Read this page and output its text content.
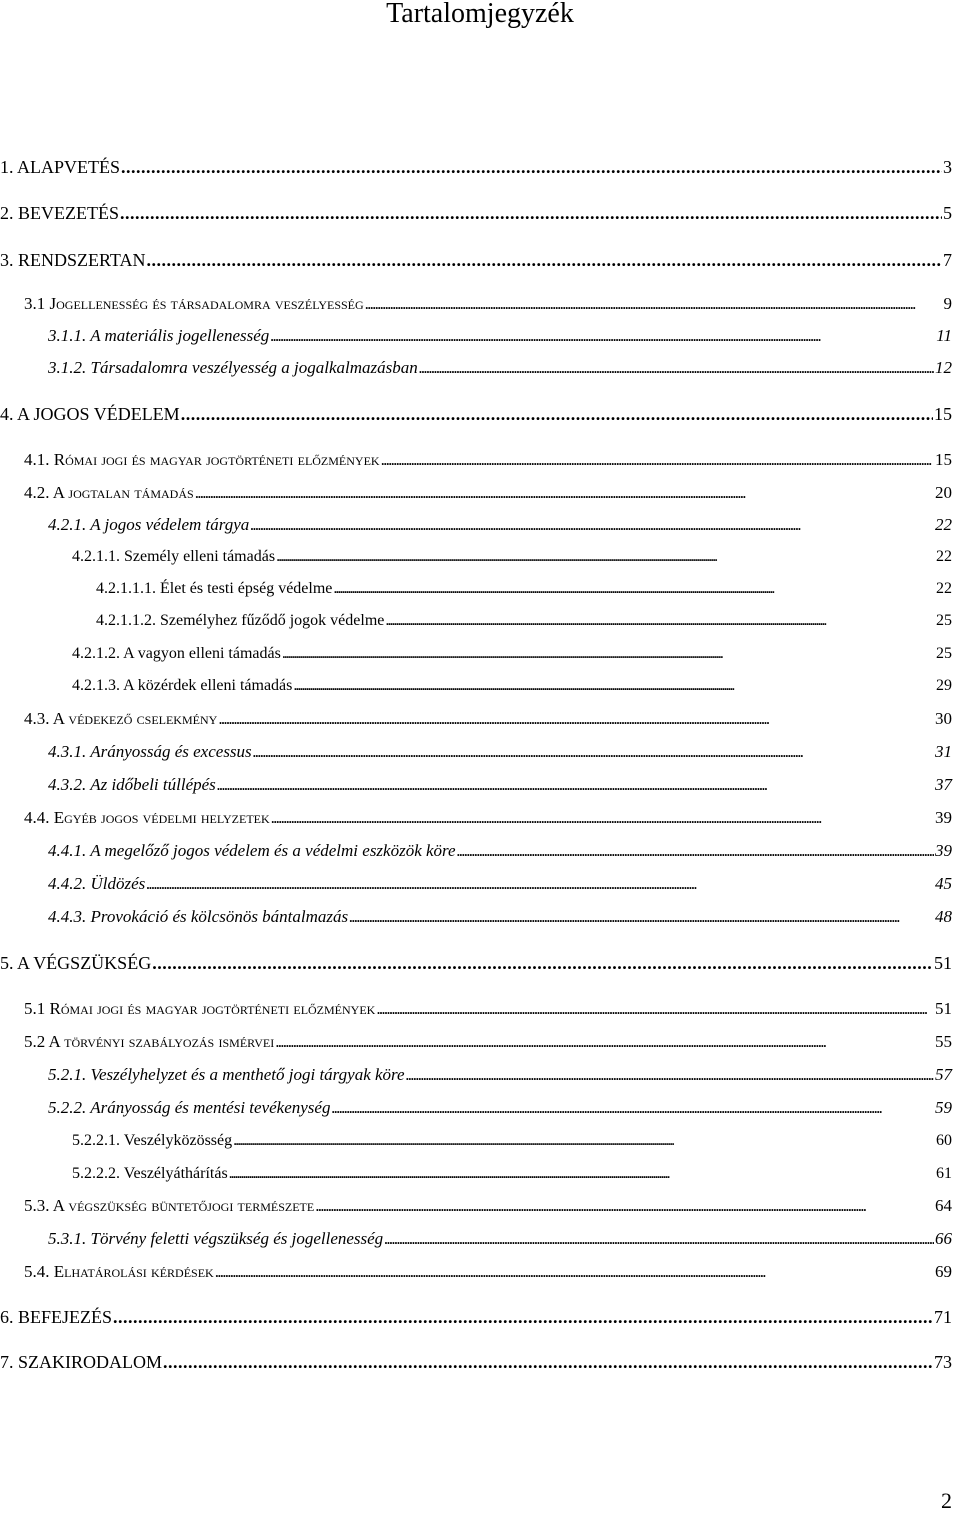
Tartalomjegyzék
1. ALAPVETÉS . . .	3
2. BEVEZETÉS . . .	5
3. RENDSZERTAN . . .	7
3.1 Jogellenesség és társadalomra veszélyesség . . .	9
3.1.1. A materiális jogellenesség . . .	11
3.1.2. Társadalomra veszélyesség a jogalkalmazásban . . .	12
4. A JOGOS VÉDELEM . . .	15
4.1. Római jogi és magyar jogtörténeti előzmények . . .	15
4.2. A jogtalan támadás . . .	20
4.2.1. A jogos védelem tárgya . . .	22
4.2.1.1. Személy elleni támadás . . .	22
4.2.1.1.1. Élet és testi épség védelme . . .	22
4.2.1.1.2. Személyhez fűződő jogok védelme . . .	25
4.2.1.2. A vagyon elleni támadás . . .	25
4.2.1.3. A közérdek elleni támadás . . .	29
4.3. A védekező cselekmény . . .	30
4.3.1. Arányosság és excessus . . .	31
4.3.2. Az időbeli túllépés . . .	37
4.4. Egyéb jogos védelmi helyzetek . . .	39
4.4.1. A megelőző jogos védelem és a védelmi eszközök köre . . .	39
4.4.2. Üldözés . . .	45
4.4.3. Provokáció és kölcsönös bántalmazás . . .	48
5. A VÉGSZÜKSÉG . . .	51
5.1 Római jogi és magyar jogtörténeti előzmények . . .	51
5.2 A törvényi szabályozás ismérvei . . .	55
5.2.1. Veszélyhelyzet és a menthető jogi tárgyak köre . . .	57
5.2.2. Arányosság és mentési tevékenység . . .	59
5.2.2.1. Veszélyközösség . . .	60
5.2.2.2. Veszélyáthárítás . . .	61
5.3. A végszükség büntetőjogi természete . . .	64
5.3.1. Törvény feletti végszükség és jogellenesség . . .	66
5.4. Elhatárolási kérdések . . .	69
6. BEFEJEZÉS . . .	71
7. SZAKIRODALOM . . .	73
2
